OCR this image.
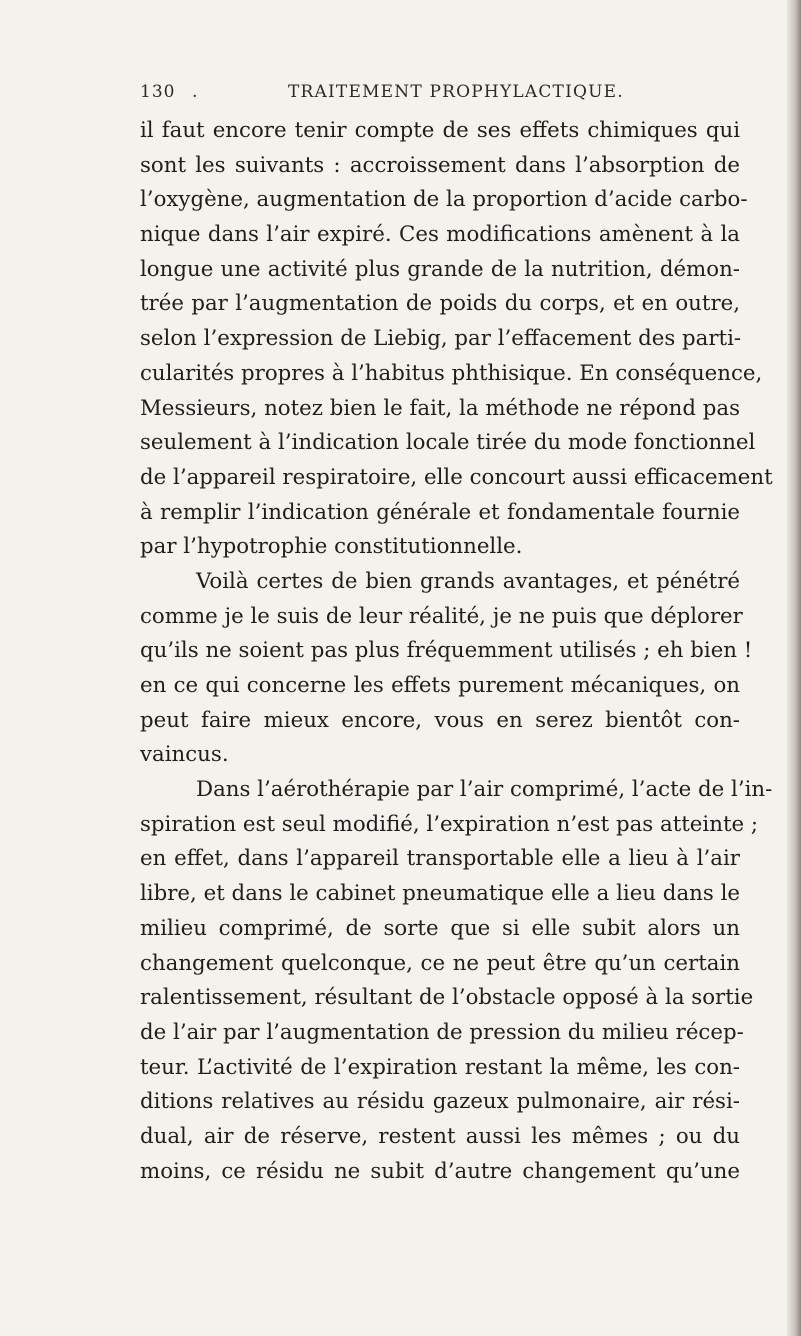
130 .	TRAITEMENT PROPHYLACTIQUE.
il faut encore tenir compte de ses effets chimiques qui
sont les suivants : accroissement dans l’absorption de
l’oxygène, augmentation de la proportion d’acide carbo-
nique dans l’air expiré. Ces modifications amènent à la
longue une activité plus grande de la nutrition, démon-
trée par l’augmentation de poids du corps, et en outre,
selon l’expression de Liebig, par l’effacement des parti-
cularités propres à l’habitus phthisique. En conséquence,
Messieurs, notez bien le fait, la méthode ne répond pas
seulement à l’indication locale tirée du mode fonctionnel
de l’appareil respiratoire, elle concourt aussi efficacement
à remplir l’indication générale et fondamentale fournie
par l’hypotrophie constitutionnelle.
Voilà certes de bien grands avantages, et pénétré
comme je le suis de leur réalité, je ne puis que déplorer
qu’ils ne soient pas plus fréquemment utilisés ; eh bien !
en ce qui concerne les effets purement mécaniques, on
peut faire mieux encore, vous en serez bientôt con-
vaincus.
Dans l’aérothérapie par l’air comprimé, l’acte de l’in-
spiration est seul modifié, l’expiration n’est pas atteinte ;
en effet, dans l’appareil transportable elle a lieu à l’air
libre, et dans le cabinet pneumatique elle a lieu dans le
milieu comprimé, de sorte que si elle subit alors un
changement quelconque, ce ne peut être qu’un certain
ralentissement, résultant de l’obstacle opposé à la sortie
de l’air par l’augmentation de pression du milieu récep-
teur. L’activité de l’expiration restant la même, les con-
ditions relatives au résidu gazeux pulmonaire, air rési-
dual, air de réserve, restent aussi les mêmes ; ou du
moins, ce résidu ne subit d’autre changement qu’une
